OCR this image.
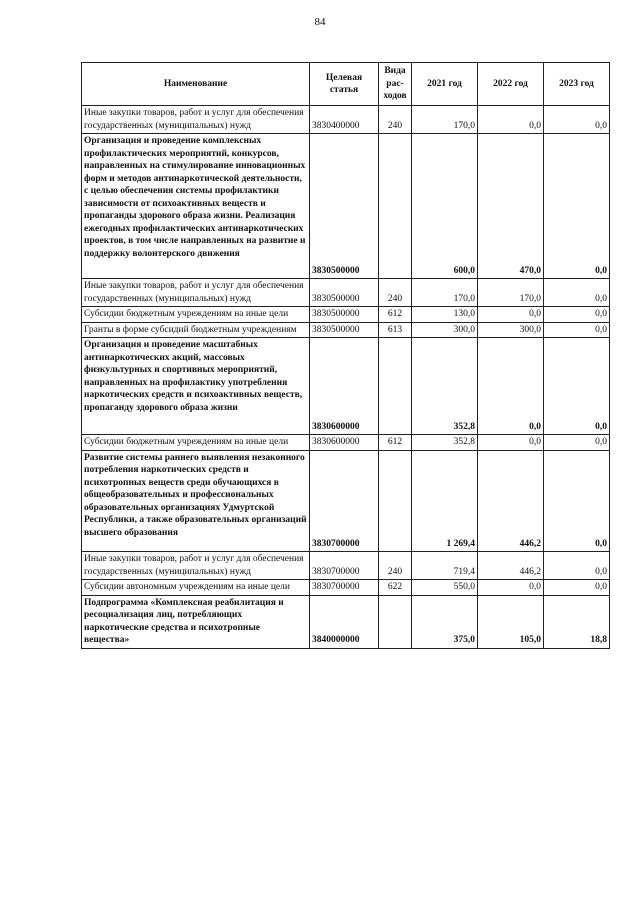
84
Наименование	Целевая статья	Вида рас-ходов	2021 год	2022 год	2023 год
Иные закупки товаров, работ и услуг для обеспечения государственных (муниципальных) нужд	3830400000	240	170,0	0,0	0,0
Организация и проведение комплексных профилактических мероприятий, конкурсов, направленных на стимулирование инновационных форм и методов антинаркотической деятельности, с целью обеспечения системы профилактики зависимости от психоактивных веществ и пропаганды здорового образа жизни. Реализация ежегодных профилактических антинаркотических проектов, в том числе направленных на развитие и поддержку волонтерского движения	3830500000		600,0	470,0	0,0
Иные закупки товаров, работ и услуг для обеспечения государственных (муниципальных) нужд	3830500000	240	170,0	170,0	0,0
Субсидии бюджетным учреждениям на иные цели	3830500000	612	130,0	0,0	0,0
Гранты в форме субсидий бюджетным учреждениям	3830500000	613	300,0	300,0	0,0
Организация и проведение масштабных антинаркотических акций, массовых физкультурных и спортивных мероприятий, направленных на профилактику употребления наркотических средств и психоактивных веществ, пропаганду здорового образа жизни	3830600000		352,8	0,0	0,0
Субсидии бюджетным учреждениям на иные цели	3830600000	612	352,8	0,0	0,0
Развитие системы раннего выявления незаконного потребления наркотических средств и психотропных веществ среди обучающихся в общеобразовательных и профессиональных образовательных организациях Удмуртской Республики, а также образовательных организаций высшего образования	3830700000		1 269,4	446,2	0,0
Иные закупки товаров, работ и услуг для обеспечения государственных (муниципальных) нужд	3830700000	240	719,4	446,2	0,0
Субсидии автономным учреждениям на иные цели	3830700000	622	550,0	0,0	0,0
Подпрограмма «Комплексная реабилитация и ресоциализация лиц, потребляющих наркотические средства и психотропные вещества»	3840000000		375,0	105,0	18,8
